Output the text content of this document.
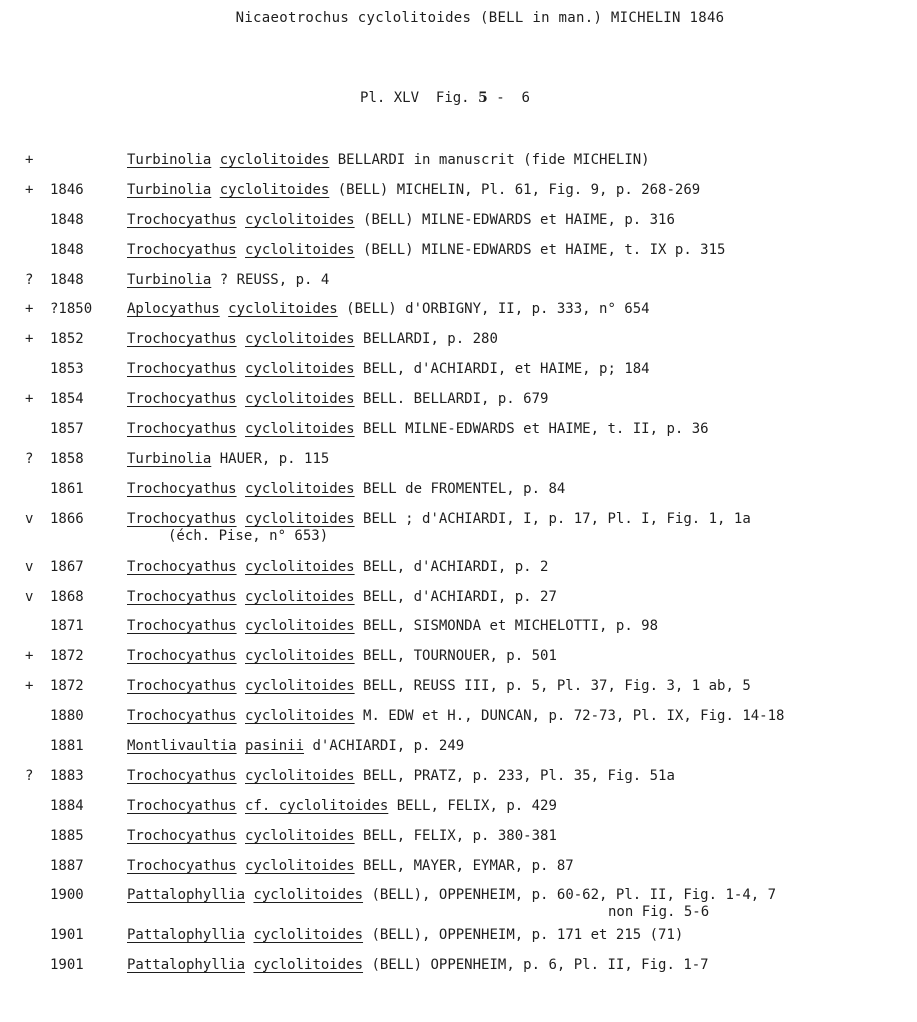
Nicaeotrochus cyclolitoides (BELL in man.) MICHELIN 1846
Pl. XLV  Fig. 5 -  6
+	Turbinolia cyclolitoides BELLARDI in manuscrit (fide MICHELIN)
+	1846	Turbinolia cyclolitoides (BELL) MICHELIN, Pl. 61, Fig. 9, p. 268-269
1848	Trochocyathus cyclolitoides (BELL) MILNE-EDWARDS et HAIME, p. 316
1848	Trochocyathus cyclolitoides (BELL) MILNE-EDWARDS et HAIME, t. IX p. 315
?	1848	Turbinolia ? REUSS, p. 4
+	?1850	Aplocyathus cyclolitoides (BELL) d'ORBIGNY, II, p. 333, n° 654
+	1852	Trochocyathus cyclolitoides BELLARDI, p. 280
1853	Trochocyathus cyclolitoides BELL, d'ACHIARDI, et HAIME, p; 184
+	1854	Trochocyathus cyclolitoides BELL. BELLARDI, p. 679
1857	Trochocyathus cyclolitoides BELL MILNE-EDWARDS et HAIME, t. II, p. 36
?	1858	Turbinolia HAUER, p. 115
1861	Trochocyathus cyclolitoides BELL de FROMENTEL, p. 84
v	1866	Trochocyathus cyclolitoides BELL ; d'ACHIARDI, I, p. 17, Pl. I, Fig. 1, 1a
(éch. Pise, n° 653)
v	1867	Trochocyathus cyclolitoides BELL, d'ACHIARDI, p. 2
v	1868	Trochocyathus cyclolitoides BELL, d'ACHIARDI, p. 27
1871	Trochocyathus cyclolitoides BELL, SISMONDA et MICHELOTTI, p. 98
+	1872	Trochocyathus cyclolitoides BELL, TOURNOUER, p. 501
+	1872	Trochocyathus cyclolitoides BELL, REUSS III, p. 5, Pl. 37, Fig. 3, 1 ab, 5
1880	Trochocyathus cyclolitoides M. EDW et H., DUNCAN, p. 72-73, Pl. IX, Fig. 14-18
1881	Montlivaultia pasinii d'ACHIARDI, p. 249
?	1883	Trochocyathus cyclolitoides BELL, PRATZ, p. 233, Pl. 35, Fig. 51a
1884	Trochocyathus cf. cyclolitoides BELL, FELIX, p. 429
1885	Trochocyathus cyclolitoides BELL, FELIX, p. 380-381
1887	Trochocyathus cyclolitoides BELL, MAYER, EYMAR, p. 87
1900	Pattalophyllia cyclolitoides (BELL), OPPENHEIM, p. 60-62, Pl. II, Fig. 1-4, 7
non Fig. 5-6
1901	Pattalophyllia cyclolitoides (BELL), OPPENHEIM, p. 171 et 215 (71)
1901	Pattalophyllia cyclolitoides (BELL) OPPENHEIM, p. 6, Pl. II, Fig. 1-7
